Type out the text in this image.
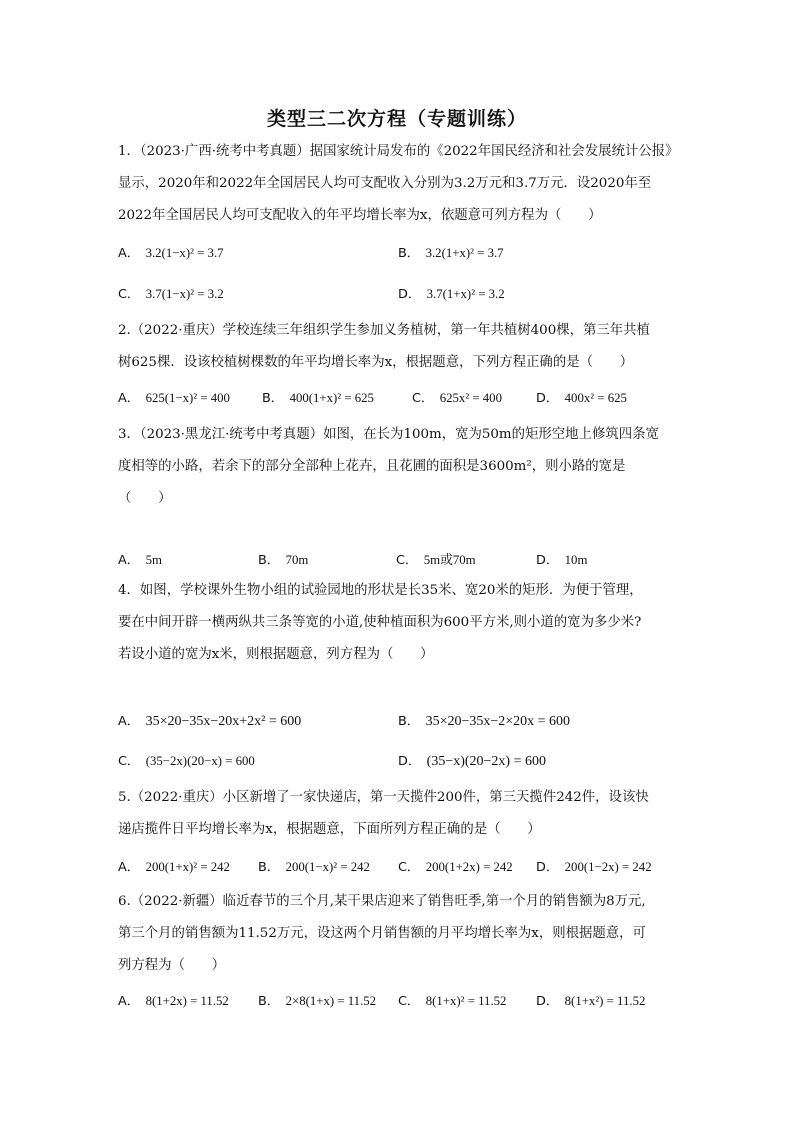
类型三二次方程（专题训练）
1．（2023·广西·统考中考真题）据国家统计局发布的《2022年国民经济和社会发展统计公报》
显示，2020年和2022年全国居民人均可支配收入分别为3.2万元和3.7万元．设2020年至
2022年全国居民人均可支配收入的年平均增长率为x，依题意可列方程为（　　）
A． 3.2(1−x)² = 3.7	B． 3.2(1+x)² = 3.7
C． 3.7(1−x)² = 3.2	D． 3.7(1+x)² = 3.2
2.（2022·重庆）学校连续三年组织学生参加义务植树，第一年共植树400棵，第三年共植
树625棵．设该校植树棵数的年平均增长率为x，根据题意，下列方程正确的是（　　）
A． 625(1−x)² = 400	B． 400(1+x)² = 625	C． 625x² = 400	D． 400x² = 625
3．（2023·黑龙江·统考中考真题）如图，在长为100m，宽为50m的矩形空地上修筑四条宽
度相等的小路，若余下的部分全部种上花卉，且花圃的面积是3600m²，则小路的宽是
（　　）
A． 5m	B． 70m	C． 5m或70m	D． 10m
4．如图，学校课外生物小组的试验园地的形状是长35米、宽20米的矩形．为便于管理，
要在中间开辟一横两纵共三条等宽的小道,使种植面积为600平方米,则小道的宽为多少米?
若设小道的宽为x米，则根据题意，列方程为（　　）
A． 35×20−35x−20x+2x² = 600	B． 35×20−35x−2×20x = 600
C． (35−2x)(20−x) = 600	D． (35−x)(20−2x) = 600
5.（2022·重庆）小区新增了一家快递店，第一天揽件200件，第三天揽件242件，设该快
递店揽件日平均增长率为x，根据题意，下面所列方程正确的是（　　）
A． 200(1+x)² = 242 B． 200(1−x)² = 242 C． 200(1+2x) = 242 D． 200(1−2x) = 242
6.（2022·新疆）临近春节的三个月,某干果店迎来了销售旺季,第一个月的销售额为8万元,
第三个月的销售额为11.52万元，设这两个月销售额的月平均增长率为x，则根据题意，可
列方程为（　　）
A． 8(1+2x) = 11.52 B． 2×8(1+x) = 11.52 C． 8(1+x)² = 11.52 D． 8(1+x²) = 11.52
